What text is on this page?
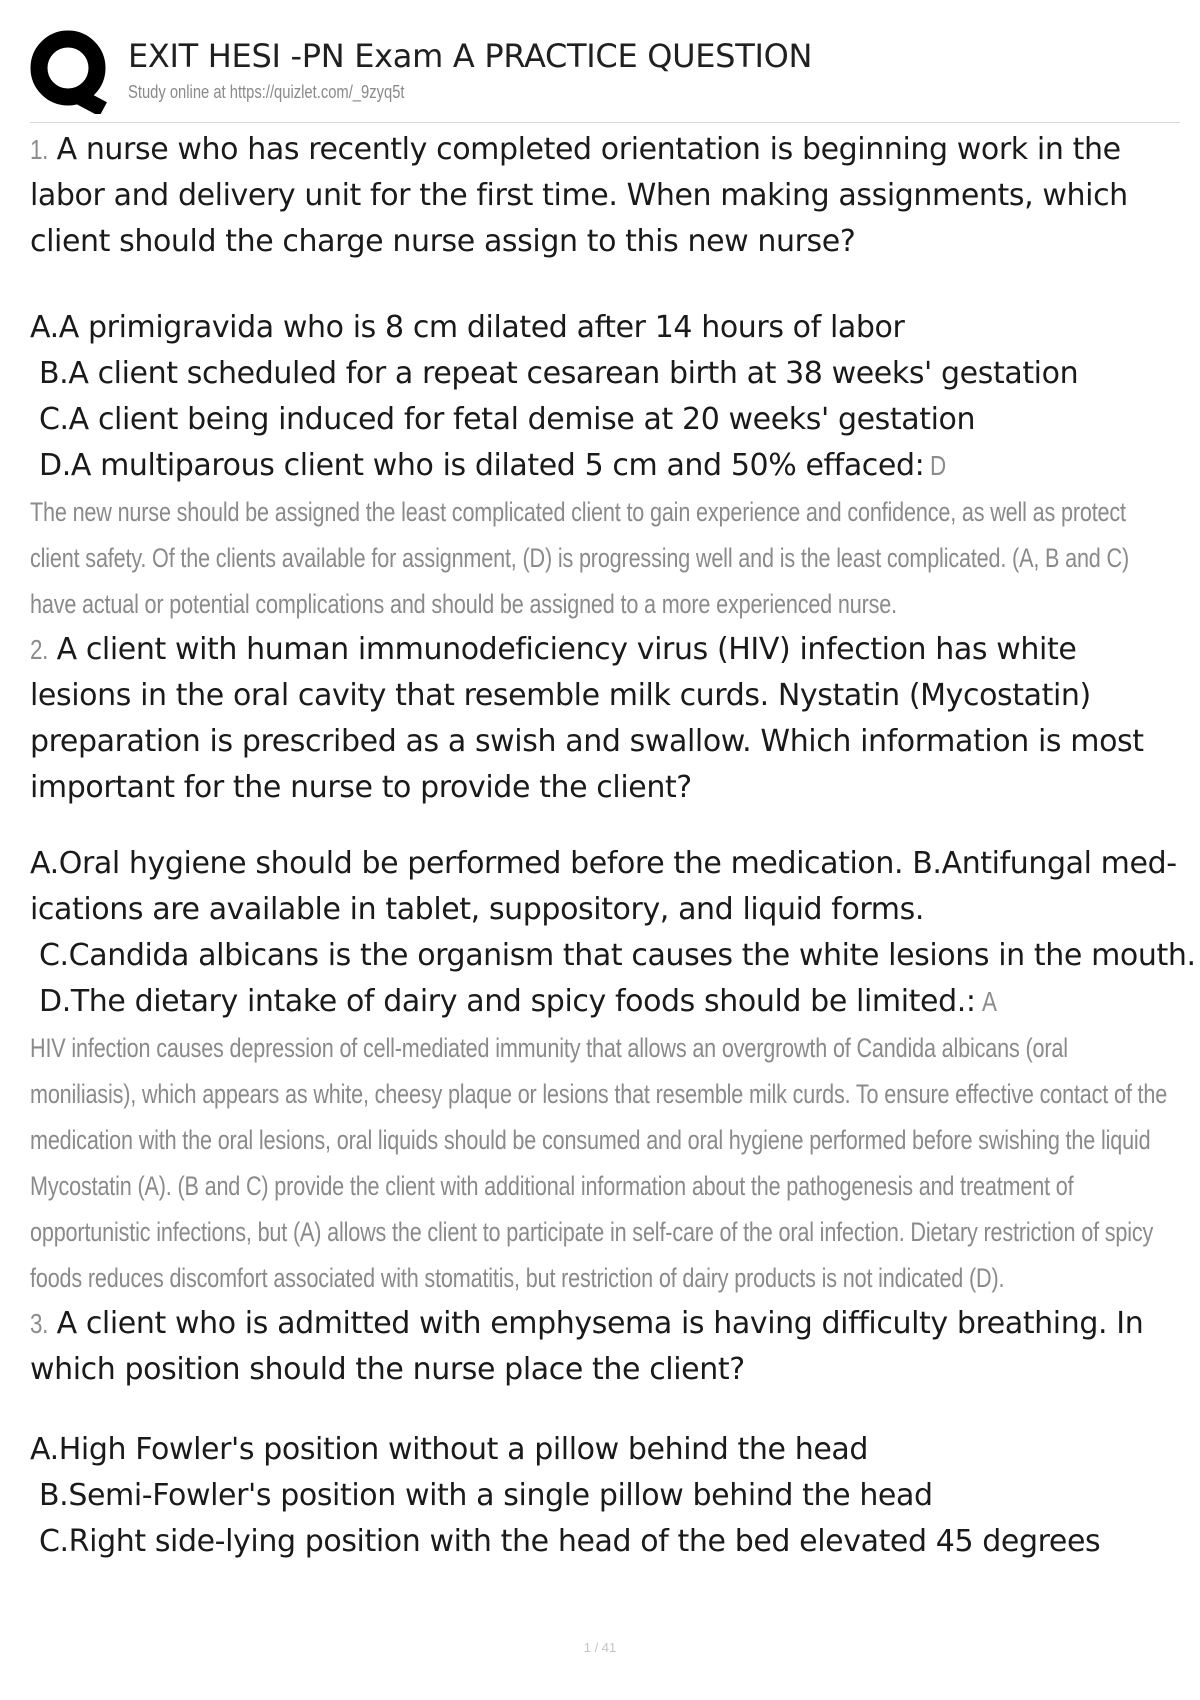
EXIT HESI -PN Exam A PRACTICE QUESTION
Study online at https://quizlet.com/_9zyq5t

1. A nurse who has recently completed orientation is beginning work in the labor and delivery unit for the first time. When making assignments, which client should the charge nurse assign to this new nurse?

A.A primigravida who is 8 cm dilated after 14 hours of labor

B.A client scheduled for a repeat cesarean birth at 38 weeks' gestation

C.A client being induced for fetal demise at 20 weeks' gestation

D.A multiparous client who is dilated 5 cm and 50% effaced: D

The new nurse should be assigned the least complicated client to gain experience and confidence, as well as protect client safety. Of the clients available for assignment, (D) is progressing well and is the least complicated. (A, B and C) have actual or potential complications and should be assigned to a more experienced nurse.

2. A client with human immunodeficiency virus (HIV) infection has white lesions in the oral cavity that resemble milk curds. Nystatin (Mycostatin) preparation is prescribed as a swish and swallow. Which information is most important for the nurse to provide the client?

A.Oral hygiene should be performed before the medication. B.Antifungal med-ications are available in tablet, suppository, and liquid forms.

C.Candida albicans is the organism that causes the white lesions in the mouth.

D.The dietary intake of dairy and spicy foods should be limited.: A

HIV infection causes depression of cell-mediated immunity that allows an overgrowth of Candida albicans (oral moniliasis), which appears as white, cheesy plaque or lesions that resemble milk curds. To ensure effective contact of the medication with the oral lesions, oral liquids should be consumed and oral hygiene performed before swishing the liquid Mycostatin (A). (B and C) provide the client with additional information about the pathogenesis and treatment of opportunistic infections, but (A) allows the client to participate in self-care of the oral infection. Dietary restriction of spicy foods reduces discomfort associated with stomatitis, but restriction of dairy products is not indicated (D).

3. A client who is admitted with emphysema is having difficulty breathing. In which position should the nurse place the client?

A.High Fowler's position without a pillow behind the head

B.Semi-Fowler's position with a single pillow behind the head

C.Right side-lying position with the head of the bed elevated 45 degrees

1 / 41
